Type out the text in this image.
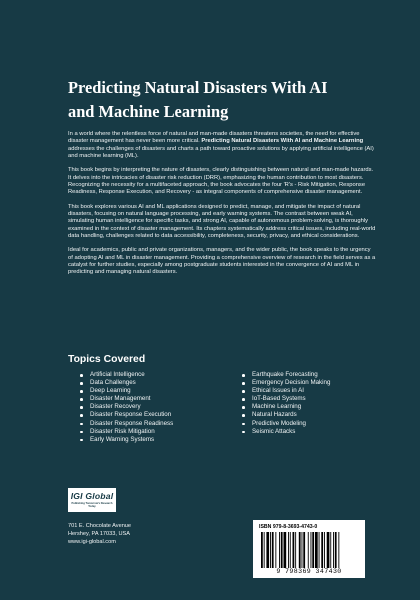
Predicting Natural Disasters With AI
and Machine Learning

In a world where the relentless force of natural and man-made disasters threatens societies, the need for effective disaster management has never been more critical. Predicting Natural Disasters With AI and Machine Learning addresses the challenges of disasters and charts a path toward proactive solutions by applying artificial intelligence (AI) and machine learning (ML).

This book begins by interpreting the nature of disasters, clearly distinguishing between natural and man-made hazards. It delves into the intricacies of disaster risk reduction (DRR), emphasizing the human contribution to most disasters. Recognizing the necessity for a multifaceted approach, the book advocates the four 'R's - Risk Mitigation, Response Readiness, Response Execution, and Recovery - as integral components of comprehensive disaster management.

This book explores various AI and ML applications designed to predict, manage, and mitigate the impact of natural disasters, focusing on natural language processing, and early warning systems. The contrast between weak AI, simulating human intelligence for specific tasks, and strong AI, capable of autonomous problem-solving, is thoroughly examined in the context of disaster management. Its chapters systematically address critical issues, including real-world data handling, challenges related to data accessibility, completeness, security, privacy, and ethical considerations.

Ideal for academics, public and private organizations, managers, and the wider public, the book speaks to the urgency of adopting AI and ML in disaster management. Providing a comprehensive overview of research in the field serves as a catalyst for further studies, especially among postgraduate students interested in the convergence of AI and ML in predicting and managing natural disasters.

Topics Covered
Artificial Intelligence
Data Challenges
Deep Learning
Disaster Management
Disaster Recovery
Disaster Response Execution
Disaster Response Readiness
Disaster Risk Mitigation
Early Warning Systems
Earthquake Forecasting
Emergency Decision Making
Ethical Issues in AI
IoT-Based Systems
Machine Learning
Natural Hazards
Predictive Modeling
Seismic Attacks
IGI Global
Publishing Tomorrow's Research Today
701 E. Chocolate Avenue
Hershey, PA 17033, USA
www.igi-global.com
ISBN 979-8-3693-4743-0
9 798369 347430
